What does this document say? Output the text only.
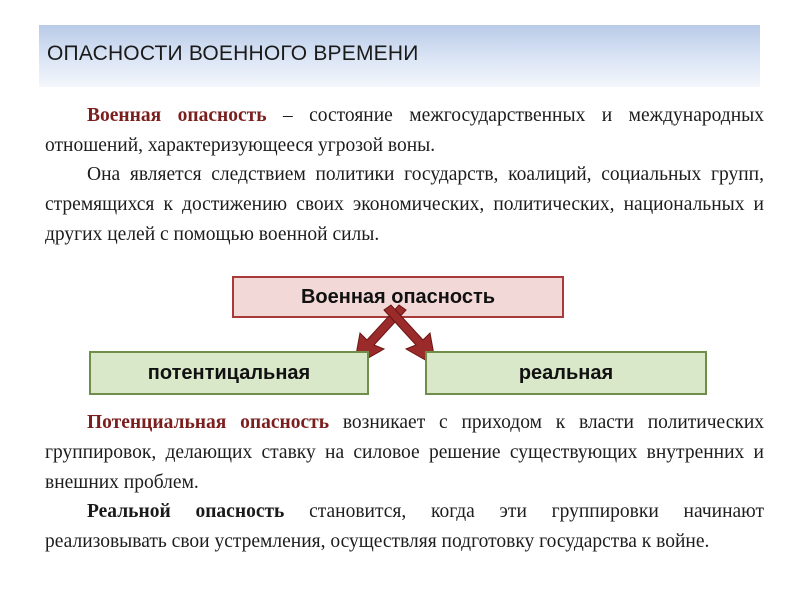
ОПАСНОСТИ ВОЕННОГО ВРЕМЕНИ

Военная опасность – состояние межгосударственных и международных отношений, характеризующееся угрозой воны.

Она является следствием политики государств, коалиций, социальных групп, стремящихся к достижению своих экономических, политических, национальных и других целей с помощью военной силы.

Военная опасность
потентицальная	реальная

Потенциальная опасность возникает с приходом к власти политических группировок, делающих ставку на силовое решение существующих внутренних и внешних проблем.

Реальной опасность становится, когда эти группировки начинают реализовывать свои устремления, осуществляя подготовку государства к войне.
